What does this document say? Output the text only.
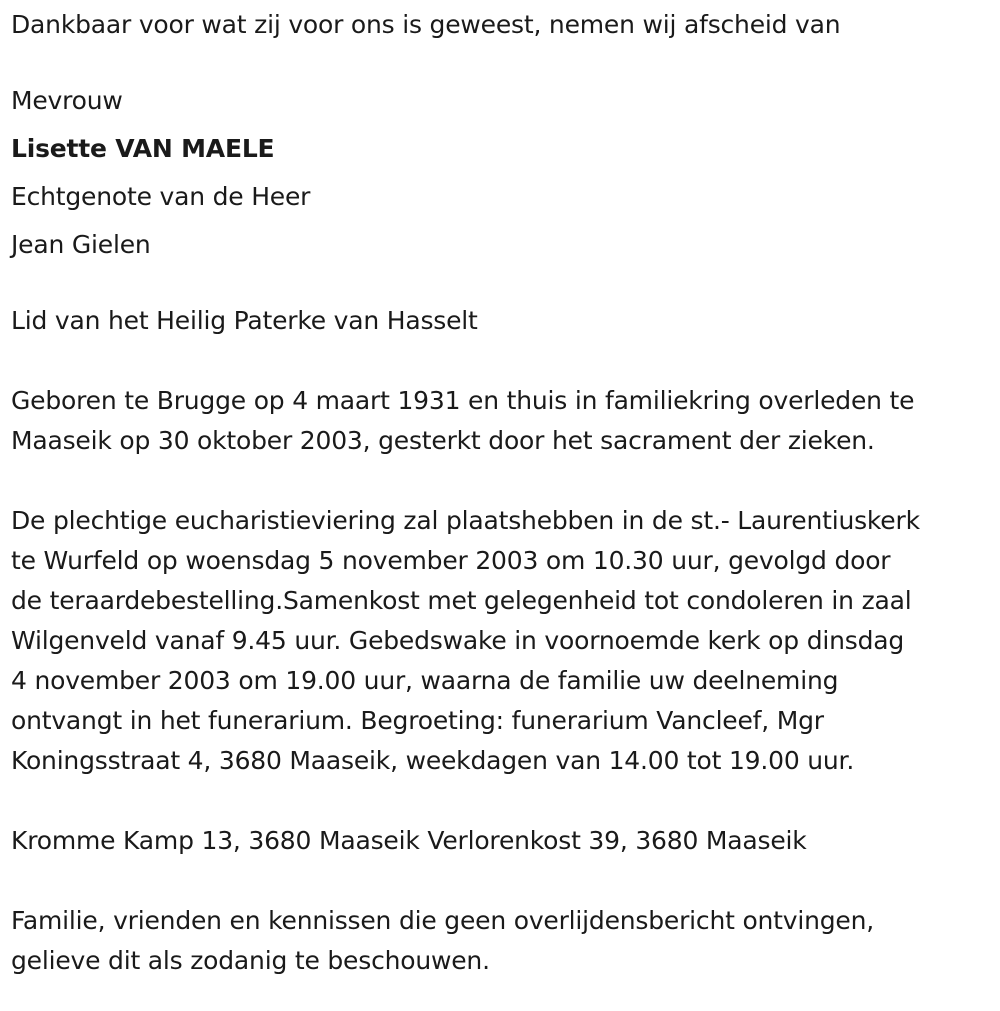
Dankbaar voor wat zij voor ons is geweest, nemen wij afscheid van
Mevrouw
Lisette VAN MAELE
Echtgenote van de Heer
Jean Gielen
Lid van het Heilig Paterke van Hasselt

Geboren te Brugge op 4 maart 1931 en thuis in familiekring overleden te
Maaseik op 30 oktober 2003, gesterkt door het sacrament der zieken.

De plechtige eucharistieviering zal plaatshebben in de st.- Laurentiuskerk
te Wurfeld op woensdag 5 november 2003 om 10.30 uur, gevolgd door
de teraardebestelling.Samenkost met gelegenheid tot condoleren in zaal
Wilgenveld vanaf 9.45 uur. Gebedswake in voornoemde kerk op dinsdag
4 november 2003 om 19.00 uur, waarna de familie uw deelneming
ontvangt in het funerarium. Begroeting: funerarium Vancleef, Mgr
Koningsstraat 4, 3680 Maaseik, weekdagen van 14.00 tot 19.00 uur.

Kromme Kamp 13, 3680 Maaseik Verlorenkost 39, 3680 Maaseik

Familie, vrienden en kennissen die geen overlijdensbericht ontvingen,
gelieve dit als zodanig te beschouwen.
